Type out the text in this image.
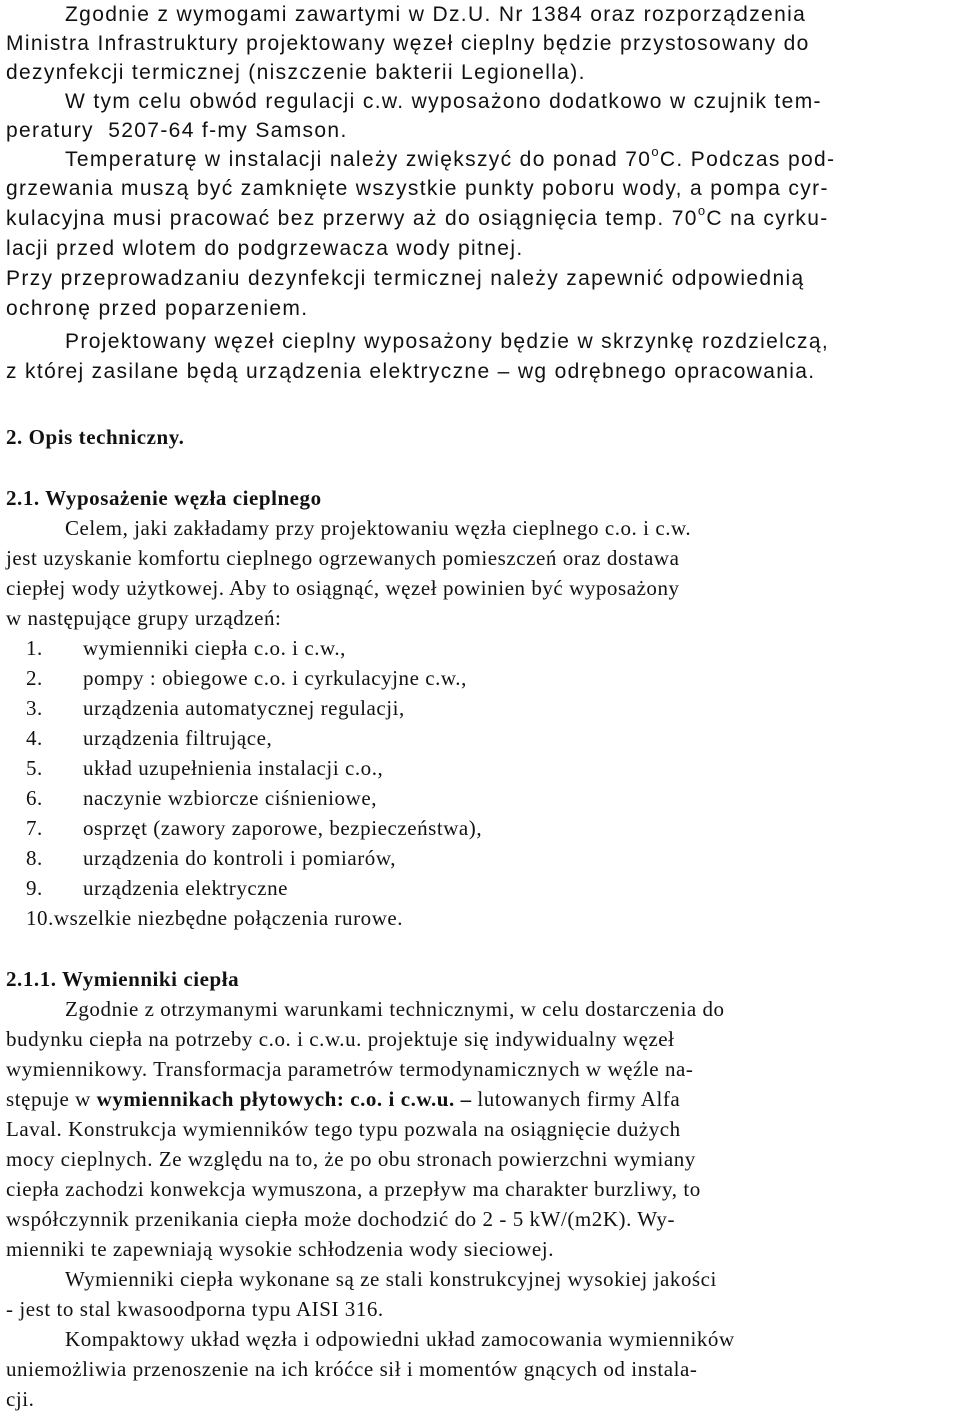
Zgodnie z wymogami zawartymi w Dz.U. Nr 1384 oraz rozporządzenia
Ministra Infrastruktury projektowany węzeł cieplny będzie przystosowany do
dezynfekcji termicznej (niszczenie bakterii Legionella).
W tym celu obwód regulacji c.w. wyposażono dodatkowo w czujnik tem-
peratury  5207-64 f-my Samson.
Temperaturę w instalacji należy zwiększyć do ponad 70$^o$C. Podczas pod-
grzewania muszą być zamknięte wszystkie punkty poboru wody, a pompa cyr-
kulacyjna musi pracować bez przerwy aż do osiągnięcia temp. 70$^o$C na cyrku-
lacji przed wlotem do podgrzewacza wody pitnej.
Przy przeprowadzaniu dezynfekcji termicznej należy zapewnić odpowiednią
ochronę przed poparzeniem.
Projektowany węzeł cieplny wyposażony będzie w skrzynkę rozdzielczą,
z której zasilane będą urządzenia elektryczne – wg odrębnego opracowania.
2. Opis techniczny.
2.1. Wyposażenie węzła cieplnego
Celem, jaki zakładamy przy projektowaniu węzła cieplnego c.o. i c.w.
jest uzyskanie komfortu cieplnego ogrzewanych pomieszczeń oraz dostawa
ciepłej wody użytkowej. Aby to osiągnąć, węzeł powinien być wyposażony
w następujące grupy urządzeń:
1. wymienniki ciepła c.o. i c.w.,
2. pompy : obiegowe c.o. i cyrkulacyjne c.w.,
3. urządzenia automatycznej regulacji,
4. urządzenia filtrujące,
5. układ uzupełnienia instalacji c.o.,
6. naczynie wzbiorcze ciśnieniowe,
7. osprzęt (zawory zaporowe, bezpieczeństwa),
8. urządzenia do kontroli i pomiarów,
9. urządzenia elektryczne
10.wszelkie niezbędne połączenia rurowe.
2.1.1. Wymienniki ciepła
Zgodnie z otrzymanymi warunkami technicznymi, w celu dostarczenia do
budynku ciepła na potrzeby c.o. i c.w.u. projektuje się indywidualny węzeł
wymiennikowy. Transformacja parametrów termodynamicznych w węźle na-
stępuje w wymiennikach płytowych: c.o. i c.w.u. – lutowanych firmy Alfa
Laval. Konstrukcja wymienników tego typu pozwala na osiągnięcie dużych
mocy cieplnych. Ze względu na to, że po obu stronach powierzchni wymiany
ciepła zachodzi konwekcja wymuszona, a przepływ ma charakter burzliwy, to
współczynnik przenikania ciepła może dochodzić do 2 - 5 kW/(m2K). Wy-
mienniki te zapewniają wysokie schłodzenia wody sieciowej.
Wymienniki ciepła wykonane są ze stali konstrukcyjnej wysokiej jakości
- jest to stal kwasoodporna typu AISI 316.
Kompaktowy układ węzła i odpowiedni układ zamocowania wymienników
uniemożliwia przenoszenie na ich króćce sił i momentów gnących od instala-
cji.
